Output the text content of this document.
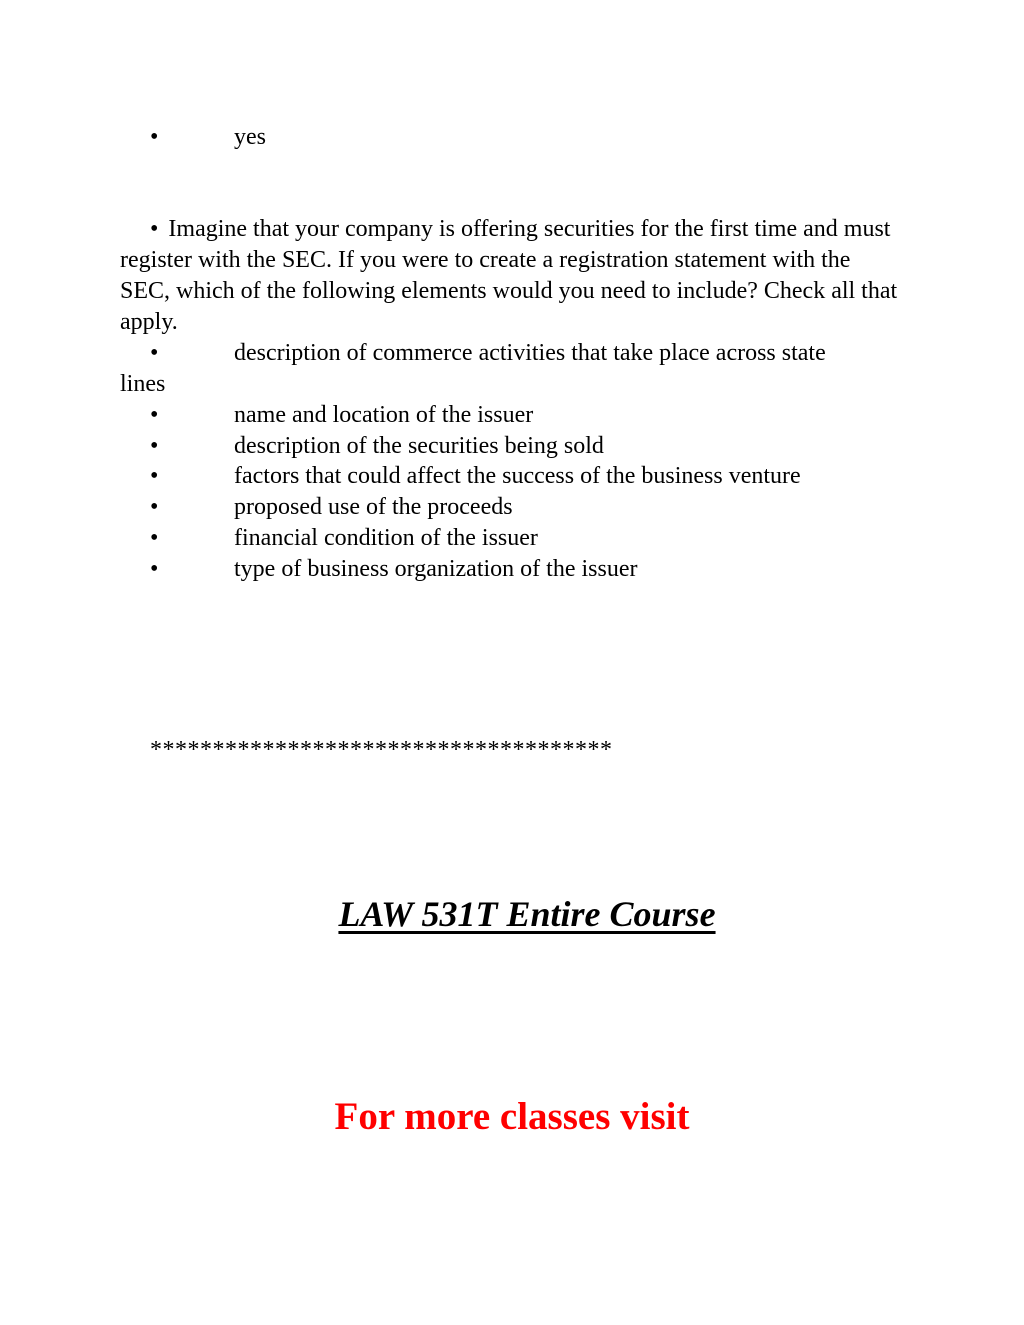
•	yes
• Imagine that your company is offering securities for the first time and must register with the SEC. If you were to create a registration statement with the SEC, which of the following elements would you need to include? Check all that apply.
•	description of commerce activities that take place across state
lines
•	name and location of the issuer
•	description of the securities being sold
•	factors that could affect the success of the business venture
•	proposed use of the proceeds
•	financial condition of the issuer
•	type of business organization of the issuer
*************************************
LAW 531T Entire Course
For more classes visit
